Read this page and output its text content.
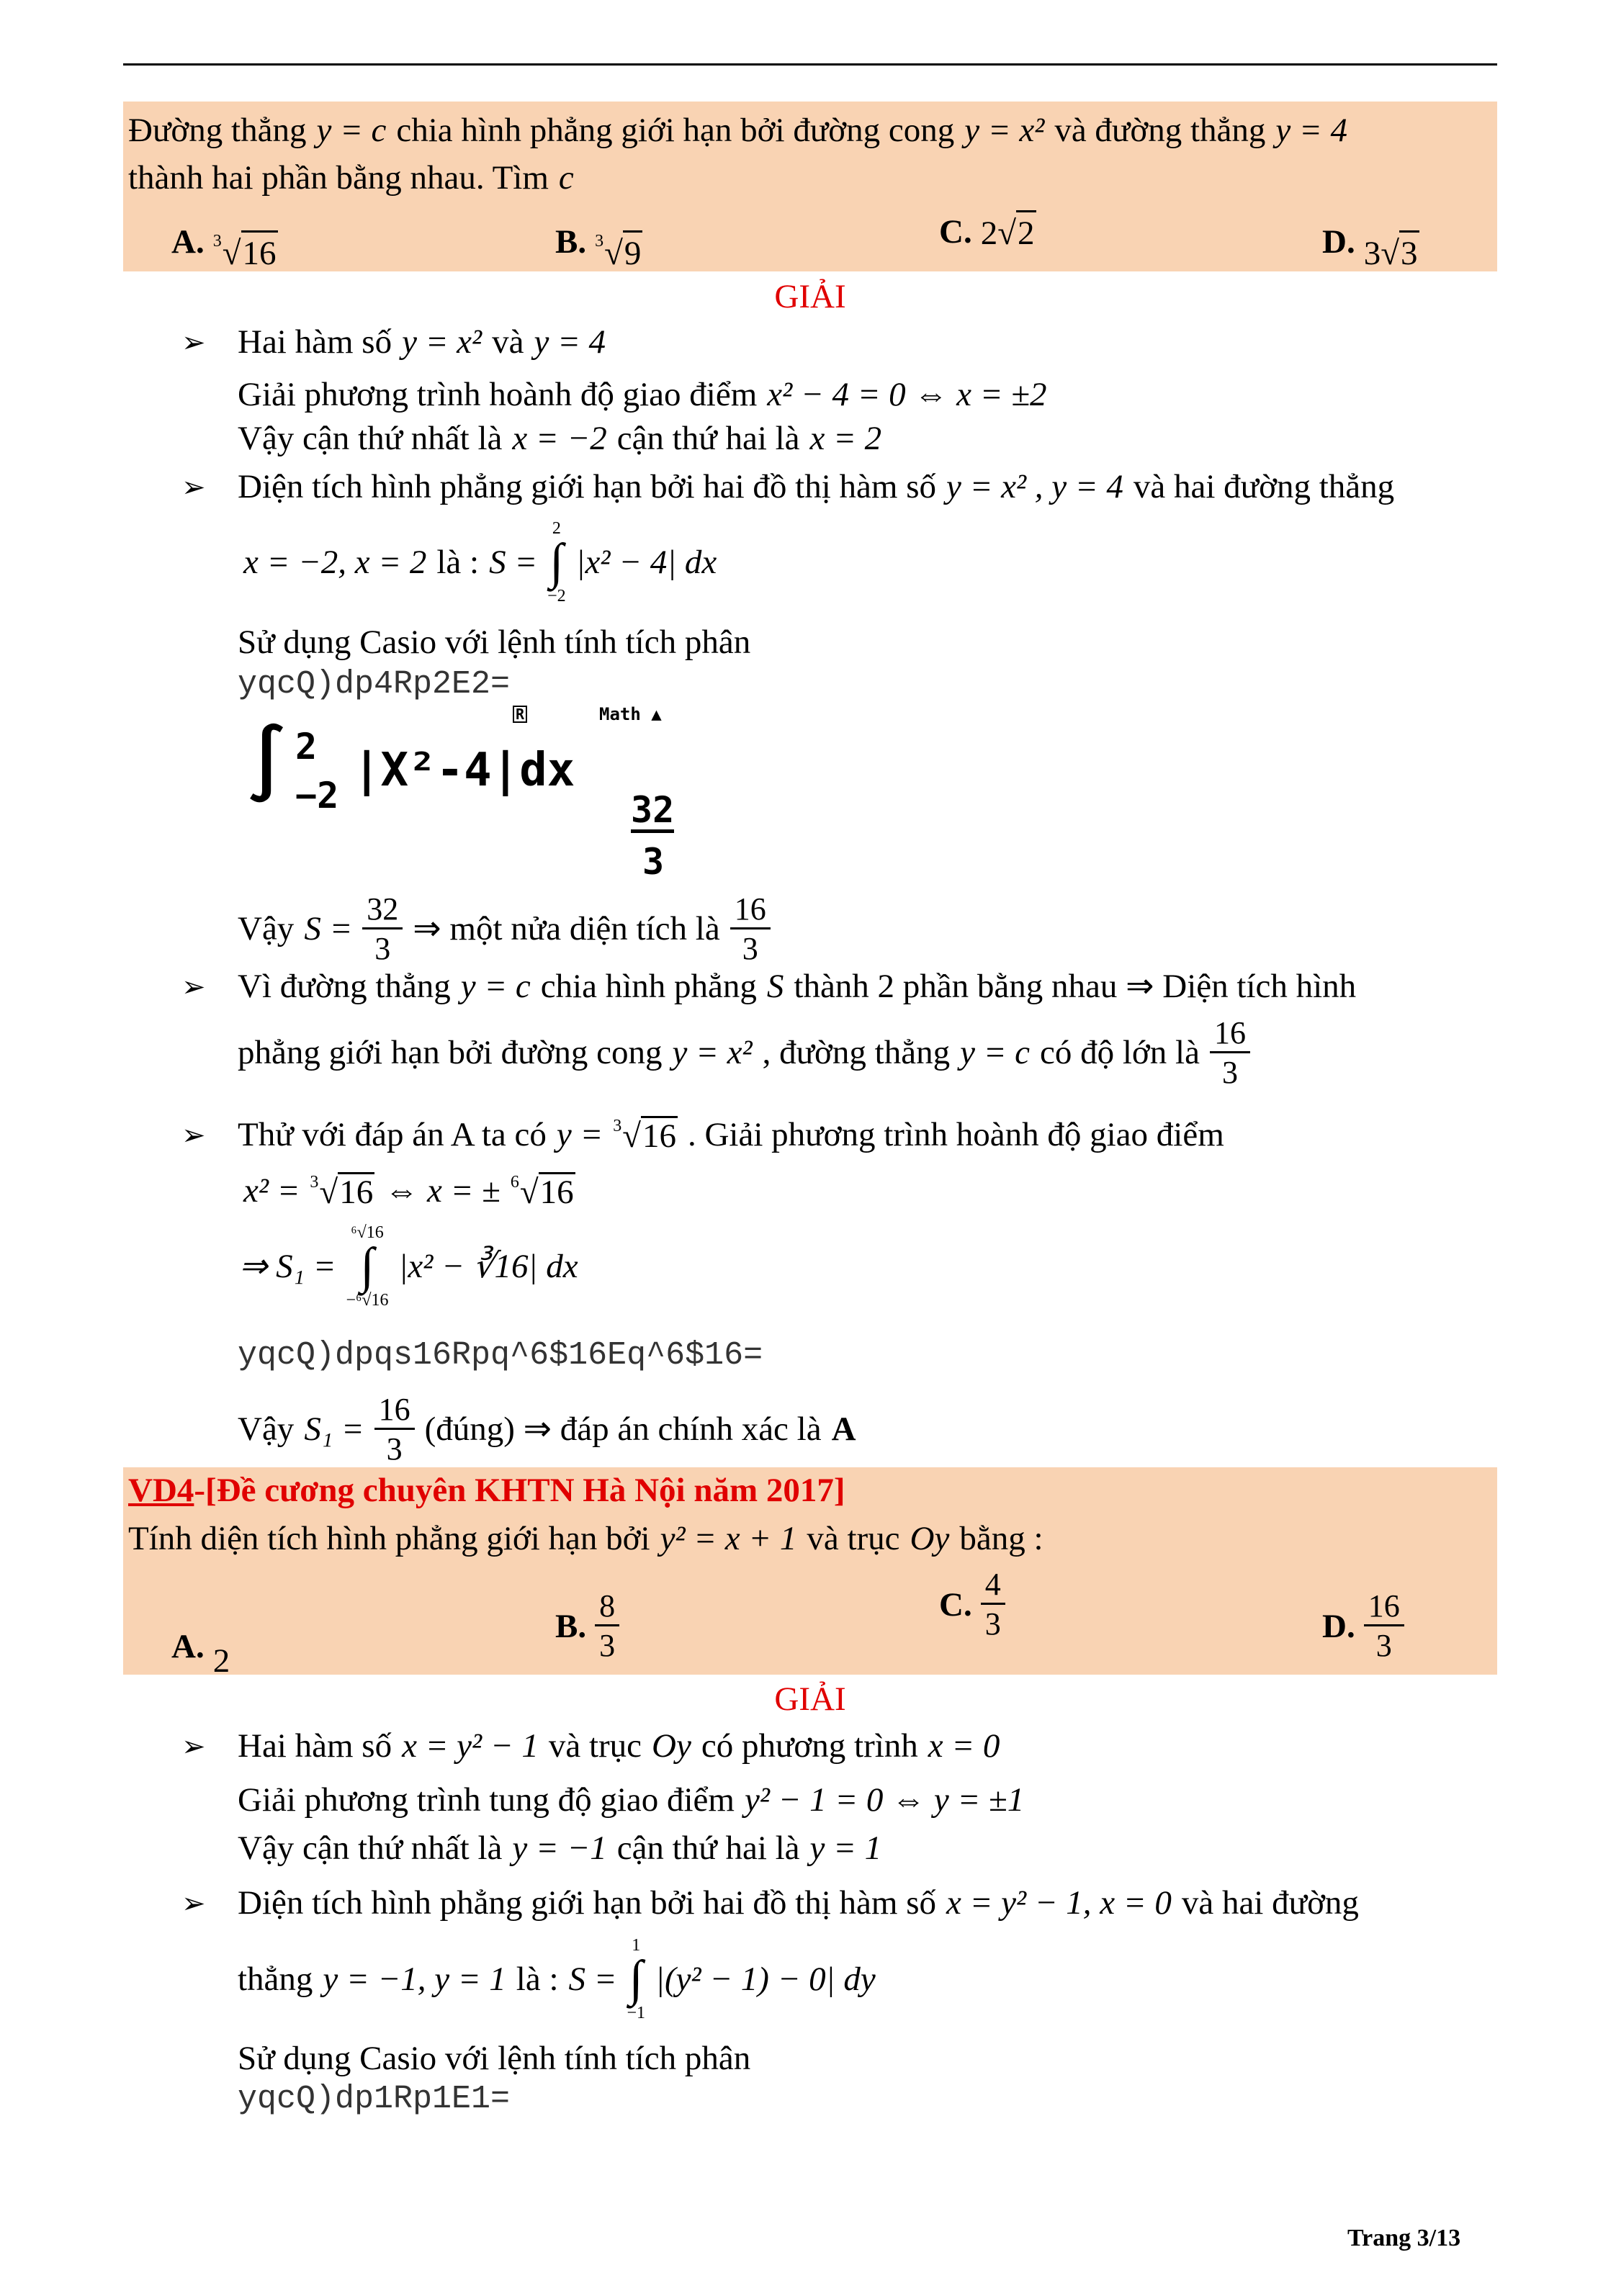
Đường thẳng y = c chia hình phẳng giới hạn bởi đường cong y = x² và đường thẳng y = 4
thành hai phần bằng nhau. Tìm c
A. 3 √ 16	B. 3 √ 9
C. 2 √ 2	D. 3 √ 3
GIẢI
➢ Hai hàm số y = x² và y = 4
Giải phương trình hoành độ giao điểm x² − 4 = 0 ⇔ x = ±2
Vậy cận thứ nhất là x = −2 cận thứ hai là x = 2
➢ Diện tích hình phẳng giới hạn bởi hai đồ thị hàm số y = x² , y = 4 và hai đường thẳng
x = −2, x = 2 là : S =
2
∫
−2
|x² − 4| dx
Sử dụng Casio với lệnh tính tích phân
yqcQ)dp4Rp2E2=
R	Math ▲
∫ 2
−2 |X²-4|dx
32
3
Vậy $S = \frac{32}{3}$ ⇒ một nửa diện tích là $\frac{16}{3}$
➢ Vì đường thẳng y = c chia hình phẳng S thành 2 phần bằng nhau ⇒ Diện tích hình
phẳng giới hạn bởi đường cong y = x² , đường thẳng y = c có độ lớn là $\frac{16}{3}$
➢ Thử với đáp án A ta có y = 3 √ 16 . Giải phương trình hoành độ giao điểm
x² = 3 √ 16 ⇔ x = ± 6 √ 16
⇒ S₁ =
⁶√16
∫
−⁶√16
|x² − ∛16| dx
yqcQ)dpqs16Rpq^6$16Eq^6$16=
Vậy $S_1 = \frac{16}{3}$ (đúng) ⇒ đáp án chính xác là A
VD4 -[Đề cương chuyên KHTN Hà Nội năm 2017]
Tính diện tích hình phẳng giới hạn bởi y² = x + 1 và trục Oy bằng :
A. 2
B. $\frac{8}{3}$	C. $\frac{4}{3}$	D. $\frac{16}{3}$
GIẢI
➢ Hai hàm số x = y² − 1 và trục Oy có phương trình x = 0
Giải phương trình tung độ giao điểm y² − 1 = 0 ⇔ y = ±1
Vậy cận thứ nhất là y = −1 cận thứ hai là y = 1
➢ Diện tích hình phẳng giới hạn bởi hai đồ thị hàm số x = y² − 1, x = 0 và hai đường
thẳng y = −1, y = 1 là : S =
1
∫
−1
|(y² − 1) − 0| dy
Sử dụng Casio với lệnh tính tích phân
yqcQ)dp1Rp1E1=
Trang 3/13
